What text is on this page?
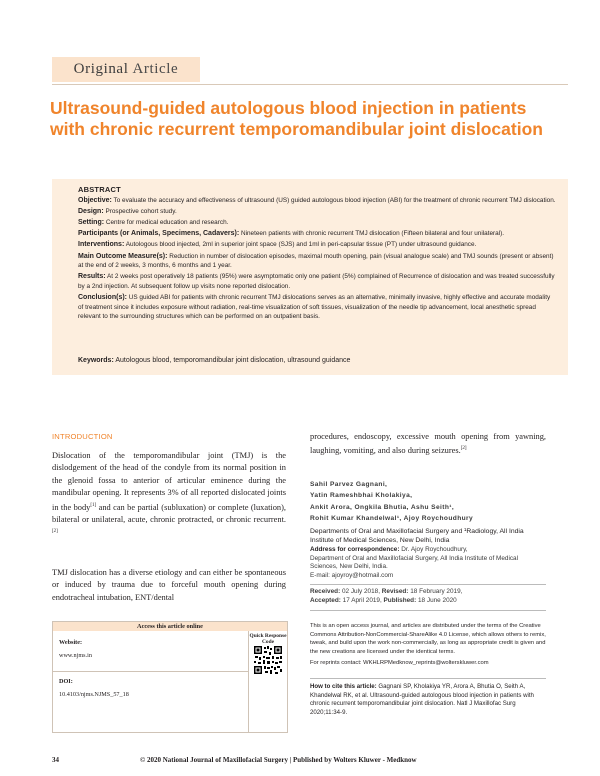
Original Article
Ultrasound-guided autologous blood injection in patients with chronic recurrent temporomandibular joint dislocation
ABSTRACT

Objective: To evaluate the accuracy and effectiveness of ultrasound (US) guided autologous blood injection (ABI) for the treatment of chronic recurrent TMJ dislocation.

Design: Prospective cohort study.

Setting: Centre for medical education and research.

Participants (or Animals, Specimens, Cadavers): Nineteen patients with chronic recurrent TMJ dislocation (Fifteen bilateral and four unilateral).

Interventions: Autologous blood injected, 2ml in superior joint space (SJS) and 1ml in peri-capsular tissue (PT) under ultrasound guidance.

Main Outcome Measure(s): Reduction in number of dislocation episodes, maximal mouth opening, pain (visual analogue scale) and TMJ sounds (present or absent) at the end of 2 weeks, 3 months, 6 months and 1 year.

Results: At 2 weeks post operatively 18 patients (95%) were asymptomatic only one patient (5%) complained of Recurrence of dislocation and was treated successfully by a 2nd injection. At subsequent follow up visits none reported dislocation.

Conclusion(s): US guided ABI for patients with chronic recurrent TMJ dislocations serves as an alternative, minimally invasive, highly effective and accurate modality of treatment since it includes exposure without radiation, real-time visualization of soft tissues, visualization of the needle tip advancement, local anesthetic spread relevant to the surrounding structures which can be performed on an outpatient basis.

Keywords: Autologous blood, temporomandibular joint dislocation, ultrasound guidance
INTRODUCTION
Dislocation of the temporomandibular joint (TMJ) is the dislodgement of the head of the condyle from its normal position in the glenoid fossa to anterior of articular eminence during the mandibular opening. It represents 3% of all reported dislocated joints in the body[1] and can be partial (subluxation) or complete (luxation), bilateral or unilateral, acute, chronic protracted, or chronic recurrent.[2]
TMJ dislocation has a diverse etiology and can either be spontaneous or induced by trauma due to forceful mouth opening during endotracheal intubation, ENT/dental
procedures, endoscopy, excessive mouth opening from yawning, laughing, vomiting, and also during seizures.[2]
Sahil Parvez Gagnani,
Yatin Rameshbhai Kholakiya,
Ankit Arora, Ongkila Bhutia, Ashu Seith¹,
Rohit Kumar Khandelwal¹, Ajoy Roychoudhury
Departments of Oral and Maxillofacial Surgery and ¹Radiology, All India Institute of Medical Sciences, New Delhi, India
Address for correspondence: Dr. Ajoy Roychoudhury,
Department of Oral and Maxillofacial Surgery, All India Institute of Medical Sciences, New Delhi, India.
E-mail: ajoyroy@hotmail.com
Received: 02 July 2018, Revised: 18 February 2019,
Accepted: 17 April 2019, Published: 18 June 2020
Access this article online
Website:
www.njms.in
DOI:
10.4103/njms.NJMS_57_18
Quick Response Code
This is an open access journal, and articles are distributed under the terms of the Creative Commons Attribution-NonCommercial-ShareAlike 4.0 License, which allows others to remix, tweak, and build upon the work non-commercially, as long as appropriate credit is given and the new creations are licensed under the identical terms.
For reprints contact: WKHLRPMedknow_reprints@wolterskluwer.com
How to cite this article: Gagnani SP, Kholakiya YR, Arora A, Bhutia O, Seith A, Khandelwal RK, et al. Ultrasound-guided autologous blood injection in patients with chronic recurrent temporomandibular joint dislocation. Natl J Maxillofac Surg 2020;11:34-9.
34	© 2020 National Journal of Maxillofacial Surgery | Published by Wolters Kluwer - Medknow
